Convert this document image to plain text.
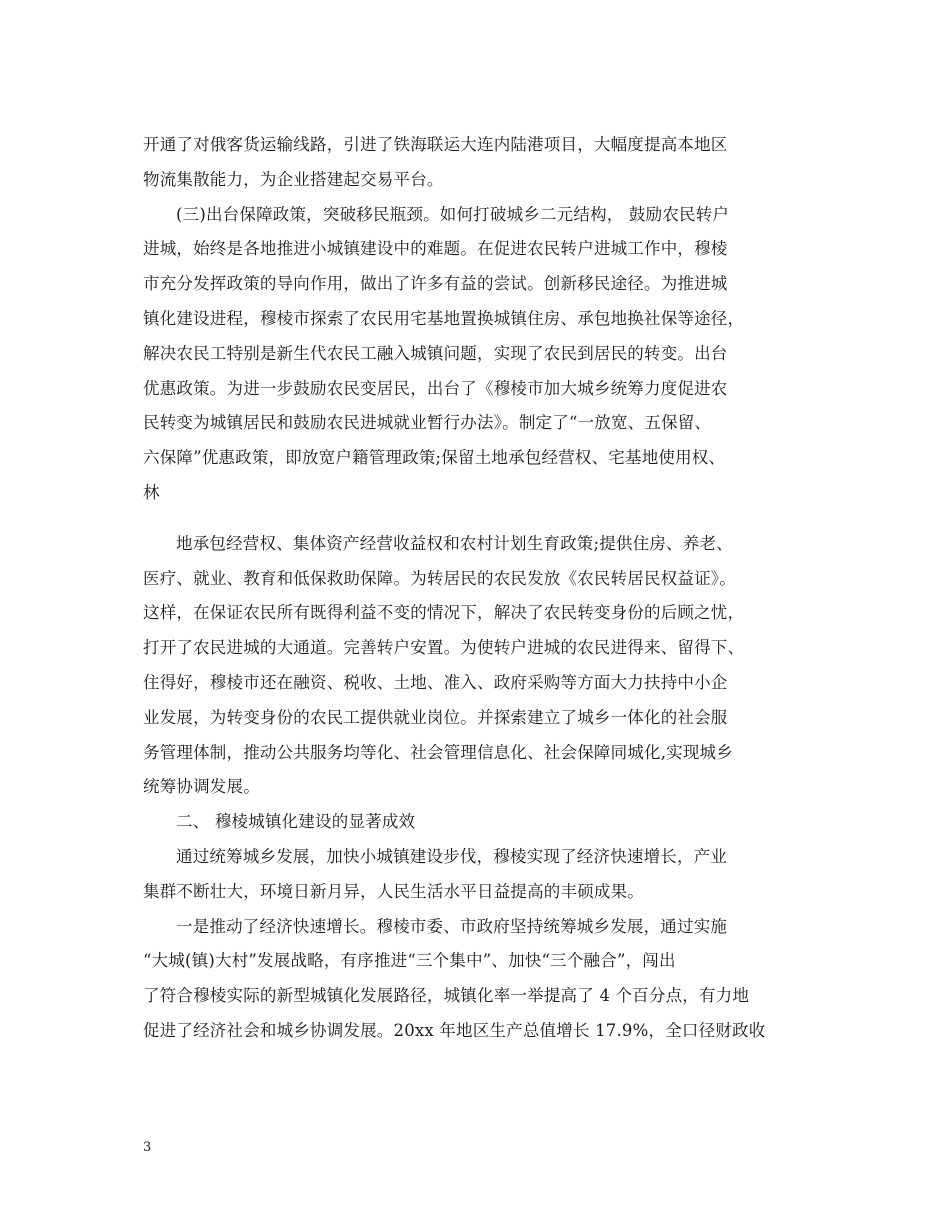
开通了对俄客货运输线路，引进了铁海联运大连内陆港项目，大幅度提高本地区
物流集散能力，为企业搭建起交易平台。
(三)出台保障政策，突破移民瓶颈。如何打破城乡二元结构， 鼓励农民转户
进城，始终是各地推进小城镇建设中的难题。在促进农民转户进城工作中，穆棱
市充分发挥政策的导向作用，做出了许多有益的尝试。创新移民途径。为推进城
镇化建设进程，穆棱市探索了农民用宅基地置换城镇住房、承包地换社保等途径，
解决农民工特别是新生代农民工融入城镇问题，实现了农民到居民的转变。出台
优惠政策。为进一步鼓励农民变居民，出台了《穆棱市加大城乡统筹力度促进农
民转变为城镇居民和鼓励农民进城就业暂行办法》。制定了“一放宽、五保留、
六保障”优惠政策，即放宽户籍管理政策;保留土地承包经营权、宅基地使用权、
林
地承包经营权、集体资产经营收益权和农村计划生育政策;提供住房、养老、
医疗、就业、教育和低保救助保障。为转居民的农民发放《农民转居民权益证》。
这样，在保证农民所有既得利益不变的情况下，解决了农民转变身份的后顾之忧，
打开了农民进城的大通道。完善转户安置。为使转户进城的农民进得来、留得下、
住得好，穆棱市还在融资、税收、土地、准入、政府采购等方面大力扶持中小企
业发展，为转变身份的农民工提供就业岗位。并探索建立了城乡一体化的社会服
务管理体制，推动公共服务均等化、社会管理信息化、社会保障同城化,实现城乡
统筹协调发展。
二、 穆棱城镇化建设的显著成效
通过统筹城乡发展，加快小城镇建设步伐，穆棱实现了经济快速增长，产业
集群不断壮大，环境日新月异，人民生活水平日益提高的丰硕成果。
一是推动了经济快速增长。穆棱市委、市政府坚持统筹城乡发展，通过实施
“大城(镇)大村”发展战略，有序推进“三个集中”、加快“三个融合”，闯出
了符合穆棱实际的新型城镇化发展路径，城镇化率一举提高了 4 个百分点，有力地
促进了经济社会和城乡协调发展。20xx 年地区生产总值增长 17.9%，全口径财政收
3
